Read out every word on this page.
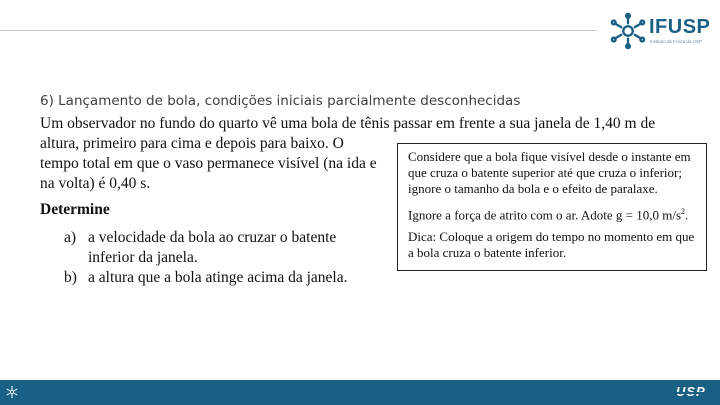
IFUSP
Instituto de Física da USP
6) Lançamento de bola, condições iniciais parcialmente desconhecidas
Um observador no fundo do quarto vê uma bola de tênis passar em frente a sua janela de 1,40 m de
altura, primeiro para cima e depois para baixo. O tempo total em que o vaso permanece visível (na ida e na volta) é 0,40 s.
Determine
a) a velocidade da bola ao cruzar o batente inferior da janela.
b) a altura que a bola atinge acima da janela.

Considere que a bola fique visível desde o instante em que cruza o batente superior até que cruza o inferior; ignore o tamanho da bola e o efeito de paralaxe.

Ignore a força de atrito com o ar. Adote g = 10,0 $m/s^2$.

Dica: Coloque a origem do tempo no momento em que a bola cruza o batente inferior.
